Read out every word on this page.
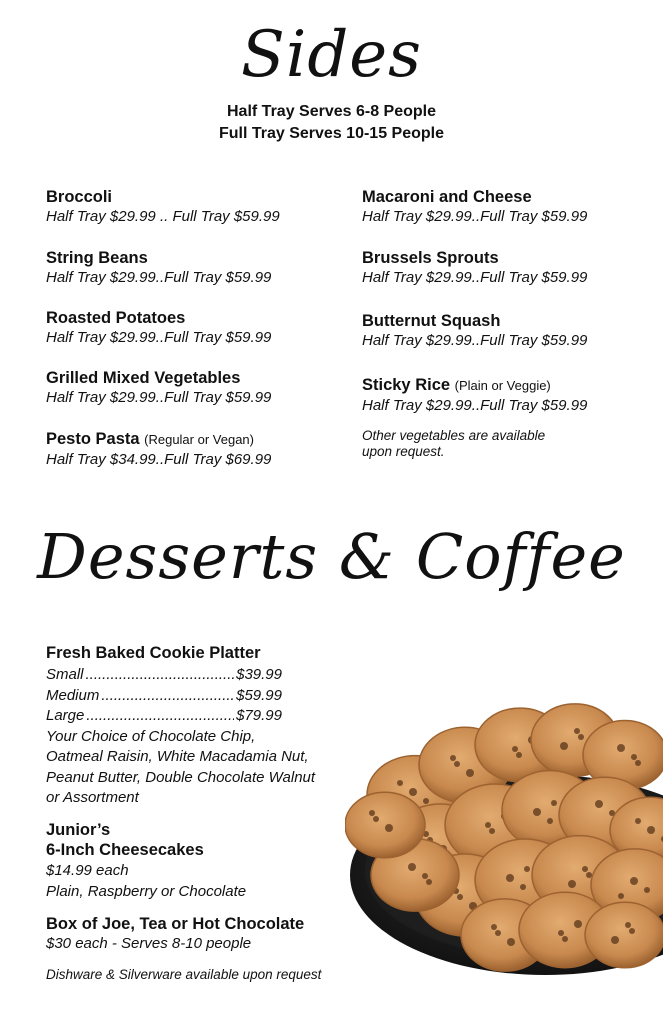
Sides
Half Tray Serves 6-8 People
Full Tray Serves 10-15 People
Broccoli
Half Tray $29.99 .. Full Tray $59.99
String Beans
Half Tray $29.99..Full Tray $59.99
Roasted Potatoes
Half Tray $29.99..Full Tray $59.99
Grilled Mixed Vegetables
Half Tray $29.99..Full Tray $59.99
Pesto Pasta (Regular or Vegan)
Half Tray $34.99..Full Tray $69.99
Macaroni and Cheese
Half Tray $29.99..Full Tray $59.99
Brussels Sprouts
Half Tray $29.99..Full Tray $59.99
Butternut Squash
Half Tray $29.99..Full Tray $59.99
Sticky Rice (Plain or Veggie)
Half Tray $29.99..Full Tray $59.99
Other vegetables are available
upon request.
Desserts & Coffee
Fresh Baked Cookie Platter
Small .....	$39.99
Medium .....	$59.99
Large .....	$79.99
Your Choice of Chocolate Chip,
Oatmeal Raisin, White Macadamia Nut,
Peanut Butter, Double Chocolate Walnut
or Assortment
Junior’s
6-Inch Cheesecakes
$14.99 each
Plain, Raspberry or Chocolate
Box of Joe, Tea or Hot Chocolate
$30 each - Serves 8-10 people
Dishware & Silverware available upon request
